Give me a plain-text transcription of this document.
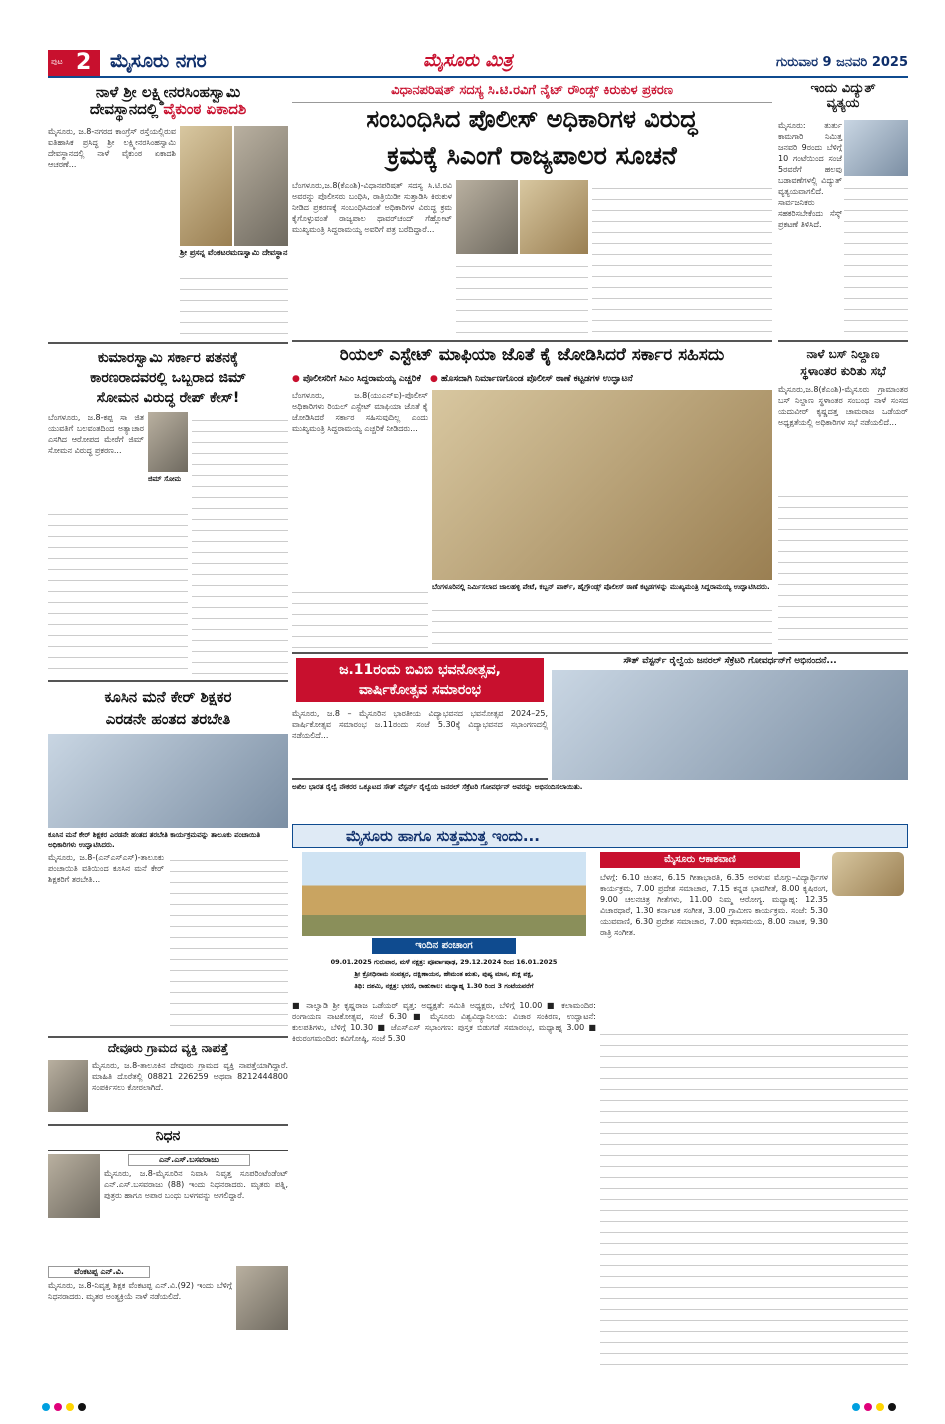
ಪುಟ 2 ಮೈಸೂರು ನಗರ	ಮೈಸೂರು ಮಿತ್ರ	ಗುರುವಾರ 9 ಜನವರಿ 2025
ನಾಳೆ ಶ್ರೀ ಲಕ್ಷ್ಮೀನರಸಿಂಹಸ್ವಾಮಿ
ದೇವಸ್ಥಾನದಲ್ಲಿ ವೈಕುಂಠ ಏಕಾದಶಿ
ಮೈಸೂರು, ಜ.8-ನಗರದ ಕಾಂಗ್ರೆಸ್ ರಸ್ತೆಯಲ್ಲಿರುವ ಐತಿಹಾಸಿಕ ಪ್ರಸಿದ್ಧ ಶ್ರೀ ಲಕ್ಷ್ಮೀನರಸಿಂಹಸ್ವಾಮಿ ದೇವಸ್ಥಾನದಲ್ಲಿ ನಾಳೆ ವೈಕುಂಠ ಏಕಾದಶಿ ಆಚರಣೆ...
ಶ್ರೀ ಪ್ರಸನ್ನ ವೆಂಕಟರಮಣಸ್ವಾಮಿ ದೇವಸ್ಥಾನ
ಕುಮಾರಸ್ವಾಮಿ ಸರ್ಕಾರ ಪತನಕ್ಕೆ
ಕಾರಣರಾದವರಲ್ಲಿ ಒಬ್ಬರಾದ ಜಿಮ್
ಸೋಮನ ವಿರುದ್ಧ ರೇಪ್ ಕೇಸ್!
ಬೆಂಗಳೂರು, ಜ.8-ಕಪ್ಪ ಸಾ ಜಿತ ಯುವತಿಗೆ ಬಲವಂತದಿಂದ ಅತ್ಯಾಚಾರ ಎಸಗಿದ ಆರೋಪದ ಮೇರೆಗೆ ಜಿಮ್ ಸೋಮನ ವಿರುದ್ಧ ಪ್ರಕರಣ...
ಜಿಮ್ ಸೋಮ
ಕೂಸಿನ ಮನೆ ಕೇರ್ ಶಿಕ್ಷಕರ
ಎರಡನೇ ಹಂತದ ತರಬೇತಿ
ಕೂಸಿನ ಮನೆ ಕೇರ್ ಶಿಕ್ಷಕರ ಎರಡನೇ ಹಂತದ ತರಬೇತಿ ಕಾರ್ಯಕ್ರಮವನ್ನು ತಾಲೂಕು ಪಂಚಾಯಿತಿ ಅಧಿಕಾರಿಗಳು ಉದ್ಘಾಟಿಸಿದರು.
ಮೈಸೂರು, ಜ.8-(ಎನ್‌ಎಸ್‌ಎಸ್)-ತಾಲೂಕು ಪಂಚಾಯಿತಿ ವತಿಯಿಂದ ಕೂಸಿನ ಮನೆ ಕೇರ್ ಶಿಕ್ಷಕರಿಗೆ ತರಬೇತಿ...
ದೇವೂರು ಗ್ರಾಮದ ವ್ಯಕ್ತಿ ನಾಪತ್ತೆ
ಮೈಸೂರು, ಜ.8-ತಾಲೂಕಿನ ದೇವೂರು ಗ್ರಾಮದ ವ್ಯಕ್ತಿ ನಾಪತ್ತೆಯಾಗಿದ್ದಾರೆ. ಮಾಹಿತಿ ದೊರೆತಲ್ಲಿ 08821 226259 ಅಥವಾ 8212444800 ಸಂಪರ್ಕಿಸಲು ಕೋರಲಾಗಿದೆ.
ನಿಧನ
ಎನ್.ಎಸ್.ಬಸವರಾಜು
ಮೈಸೂರು, ಜ.8-ಮೈಸೂರಿನ ನಿವಾಸಿ ನಿವೃತ್ತ ಸೂಪರಿಂಟೆಂಡೆಂಟ್ ಎನ್.ಎಸ್.ಬಸವರಾಜು (88) ಇಂದು ನಿಧನರಾದರು. ಮೃತರು ಪತ್ನಿ, ಪುತ್ರರು ಹಾಗೂ ಅಪಾರ ಬಂಧು ಬಳಗವನ್ನು ಅಗಲಿದ್ದಾರೆ.
ವೆಂಕಟಪ್ಪ ಎನ್.ವಿ.
ಮೈಸೂರು, ಜ.8-ನಿವೃತ್ತ ಶಿಕ್ಷಕ ವೆಂಕಟಪ್ಪ ಎನ್.ವಿ.(92) ಇಂದು ಬೆಳಿಗ್ಗೆ ನಿಧನರಾದರು. ಮೃತರ ಅಂತ್ಯಕ್ರಿಯೆ ನಾಳೆ ನಡೆಯಲಿದೆ.
ವಿಧಾನಪರಿಷತ್ ಸದಸ್ಯ ಸಿ.ಟಿ.ರವಿಗೆ ನೈಟ್ ರೌಂಡ್ಸ್ ಕಿರುಕುಳ ಪ್ರಕರಣ
ಸಂಬಂಧಿಸಿದ ಪೊಲೀಸ್ ಅಧಿಕಾರಿಗಳ ವಿರುದ್ಧ
ಕ್ರಮಕ್ಕೆ ಸಿಎಂಗೆ ರಾಜ್ಯಪಾಲರ ಸೂಚನೆ
ಬೆಂಗಳೂರು,ಜ.8(ಕೆಎಂಶಿ)-ವಿಧಾನಪರಿಷತ್ ಸದಸ್ಯ ಸಿ.ಟಿ.ರವಿ ಅವರನ್ನು ಪೊಲೀಸರು ಬಂಧಿಸಿ, ರಾತ್ರಿಯಿಡೀ ಸುತ್ತಾಡಿಸಿ ಕಿರುಕುಳ ನೀಡಿದ ಪ್ರಕರಣಕ್ಕೆ ಸಂಬಂಧಿಸಿದಂತೆ ಅಧಿಕಾರಿಗಳ ವಿರುದ್ಧ ಕ್ರಮ ಕೈಗೊಳ್ಳುವಂತೆ ರಾಜ್ಯಪಾಲ ಥಾವರ್‌ಚಂದ್ ಗೆಹ್ಲೋಟ್ ಮುಖ್ಯಮಂತ್ರಿ ಸಿದ್ದರಾಮಯ್ಯ ಅವರಿಗೆ ಪತ್ರ ಬರೆದಿದ್ದಾರೆ...
ಇಂದು ವಿದ್ಯುತ್
ವ್ಯತ್ಯಯ
ಮೈಸೂರು: ತುರ್ತು ಕಾಮಗಾರಿ ನಿಮಿತ್ತ ಜನವರಿ 9ರಂದು ಬೆಳಿಗ್ಗೆ 10 ಗಂಟೆಯಿಂದ ಸಂಜೆ 5ರವರೆಗೆ ಹಲವು ಬಡಾವಣೆಗಳಲ್ಲಿ ವಿದ್ಯುತ್ ವ್ಯತ್ಯಯವಾಗಲಿದೆ. ಸಾರ್ವಜನಿಕರು ಸಹಕರಿಸಬೇಕೆಂದು ಸೆಸ್ಕ್ ಪ್ರಕಟಣೆ ತಿಳಿಸಿದೆ.
ರಿಯಲ್ ಎಸ್ಟೇಟ್ ಮಾಫಿಯಾ ಜೊತೆ ಕೈ ಜೋಡಿಸಿದರೆ ಸರ್ಕಾರ ಸಹಿಸದು
● ಪೊಲೀಸರಿಗೆ ಸಿಎಂ ಸಿದ್ದರಾಮಯ್ಯ ಎಚ್ಚರಿಕೆ ● ಹೊಸದಾಗಿ ನಿರ್ಮಾಣಗೊಂಡ ಪೊಲೀಸ್ ಠಾಣೆ ಕಟ್ಟಡಗಳ ಉದ್ಘಾಟನೆ
ಬೆಂಗಳೂರು, ಜ.8(ಯುಎನ್‌ಐ)-ಪೊಲೀಸ್ ಅಧಿಕಾರಿಗಳು ರಿಯಲ್ ಎಸ್ಟೇಟ್ ಮಾಫಿಯಾ ಜೊತೆ ಕೈ ಜೋಡಿಸಿದರೆ ಸರ್ಕಾರ ಸಹಿಸುವುದಿಲ್ಲ ಎಂದು ಮುಖ್ಯಮಂತ್ರಿ ಸಿದ್ದರಾಮಯ್ಯ ಎಚ್ಚರಿಕೆ ನೀಡಿದರು...
ಬೆಂಗಳೂರಿನಲ್ಲಿ ನಿರ್ಮಿಸಲಾದ ಜಾಲಹಳ್ಳಿ ಪೇಟೆ, ಕಬ್ಬನ್ ಪಾರ್ಕ್, ಹೈಗ್ರೌಂಡ್ಸ್ ಪೊಲೀಸ್ ಠಾಣೆ ಕಟ್ಟಡಗಳನ್ನು ಮುಖ್ಯಮಂತ್ರಿ ಸಿದ್ದರಾಮಯ್ಯ ಉದ್ಘಾಟಿಸಿದರು.
ನಾಳೆ ಬಸ್ ನಿಲ್ದಾಣ
ಸ್ಥಳಾಂತರ ಕುರಿತು ಸಭೆ
ಮೈಸೂರು,ಜ.8(ಕೆಎಂಶಿ)-ಮೈಸೂರು ಗ್ರಾಮಾಂತರ ಬಸ್ ನಿಲ್ದಾಣ ಸ್ಥಳಾಂತರ ಸಂಬಂಧ ನಾಳೆ ಸಂಸದ ಯದುವೀರ್ ಕೃಷ್ಣದತ್ತ ಚಾಮರಾಜ ಒಡೆಯರ್ ಅಧ್ಯಕ್ಷತೆಯಲ್ಲಿ ಅಧಿಕಾರಿಗಳ ಸಭೆ ನಡೆಯಲಿದೆ...
ಜ.11ರಂದು ಬಿವಿಬಿ ಭವನೋತ್ಸವ,
ವಾರ್ಷಿಕೋತ್ಸವ ಸಮಾರಂಭ
ಮೈಸೂರು, ಜ.8 – ಮೈಸೂರಿನ ಭಾರತೀಯ ವಿದ್ಯಾಭವನದ ಭವನೋತ್ಸವ 2024–25, ವಾರ್ಷಿಕೋತ್ಸವ ಸಮಾರಂಭ ಜ.11ರಂದು ಸಂಜೆ 5.30ಕ್ಕೆ ವಿದ್ಯಾಭವನದ ಸಭಾಂಗಣದಲ್ಲಿ ನಡೆಯಲಿದೆ...
ಸೌತ್ ವೆಸ್ಟರ್ನ್ ರೈಲ್ವೆಯ ಜನರಲ್ ಸೆಕ್ರೆಟರಿ ಗೋವರ್ಧನ್‌ಗೆ ಅಭಿನಂದನೆ...
ಅಖಿಲ ಭಾರತ ರೈಲ್ವೆ ನೌಕರರ ಒಕ್ಕೂಟದ ಸೌತ್ ವೆಸ್ಟರ್ನ್ ರೈಲ್ವೆಯ ಜನರಲ್ ಸೆಕ್ರೆಟರಿ ಗೋವರ್ಧನ್ ಅವರನ್ನು ಅಭಿನಂದಿಸಲಾಯಿತು.
ಮೈಸೂರು ಹಾಗೂ ಸುತ್ತಮುತ್ತ ಇಂದು...
ಇಂದಿನ ಪಂಚಾಂಗ
09.01.2025 ಗುರುವಾರ, ಮಳೆ ನಕ್ಷತ್ರ: ಪೂರ್ವಾಷಾಢ, 29.12.2024 ರಿಂದ 16.01.2025
ಶ್ರೀ ಕ್ರೋಧಿನಾಮ ಸಂವತ್ಸರ, ದಕ್ಷಿಣಾಯನ, ಹೇಮಂತ ಋತು, ಪುಷ್ಯ ಮಾಸ, ಶುಕ್ಲ ಪಕ್ಷ,
ತಿಥಿ: ದಶಮಿ, ನಕ್ಷತ್ರ: ಭರಣಿ, ರಾಹುಕಾಲ: ಮಧ್ಯಾಹ್ನ 1.30 ರಿಂದ 3 ಗಂಟೆಯವರೆಗೆ
■ ನಾಲ್ವಾಡಿ ಶ್ರೀ ಕೃಷ್ಣರಾಜ ಒಡೆಯರ್ ವೃತ್ತ: ಅಧ್ಯಕ್ಷತೆ: ಸಮಿತಿ ಅಧ್ಯಕ್ಷರು, ಬೆಳಿಗ್ಗೆ 10.00 ■ ಕಲಾಮಂದಿರ: ರಂಗಾಯಣ ನಾಟಕೋತ್ಸವ, ಸಂಜೆ 6.30 ■ ಮೈಸೂರು ವಿಶ್ವವಿದ್ಯಾನಿಲಯ: ವಿಚಾರ ಸಂಕಿರಣ, ಉದ್ಘಾಟನೆ: ಕುಲಪತಿಗಳು, ಬೆಳಿಗ್ಗೆ 10.30 ■ ಜೆಎಸ್‌ಎಸ್ ಸಭಾಂಗಣ: ಪುಸ್ತಕ ಬಿಡುಗಡೆ ಸಮಾರಂಭ, ಮಧ್ಯಾಹ್ನ 3.00 ■ ಕಿರುರಂಗಮಂದಿರ: ಕವಿಗೋಷ್ಠಿ, ಸಂಜೆ 5.30
ಮೈಸೂರು ಆಕಾಶವಾಣಿ
ಬೆಳಗ್ಗೆ: 6.10 ಚಿಂತನ, 6.15 ಗೀತಾಭಾರತಿ, 6.35 ಅರಳುವ ಮೊಗ್ಗು–ವಿದ್ಯಾರ್ಥಿಗಳ ಕಾರ್ಯಕ್ರಮ, 7.00 ಪ್ರದೇಶ ಸಮಾಚಾರ, 7.15 ಕನ್ನಡ ಭಾವಗೀತೆ, 8.00 ಕೃಷಿರಂಗ, 9.00 ಚಲನಚಿತ್ರ ಗೀತೆಗಳು, 11.00 ನಿಮ್ಮ ಆರೋಗ್ಯ. ಮಧ್ಯಾಹ್ನ: 12.35 ವಿಚಾರಧಾರೆ, 1.30 ಕರ್ನಾಟಕ ಸಂಗೀತ, 3.00 ಗ್ರಾಮೀಣ ಕಾರ್ಯಕ್ರಮ. ಸಂಜೆ: 5.30 ಯುವವಾಣಿ, 6.30 ಪ್ರದೇಶ ಸಮಾಚಾರ, 7.00 ಕಥಾಸಮಯ, 8.00 ನಾಟಕ, 9.30 ರಾತ್ರಿ ಸಂಗೀತ.
